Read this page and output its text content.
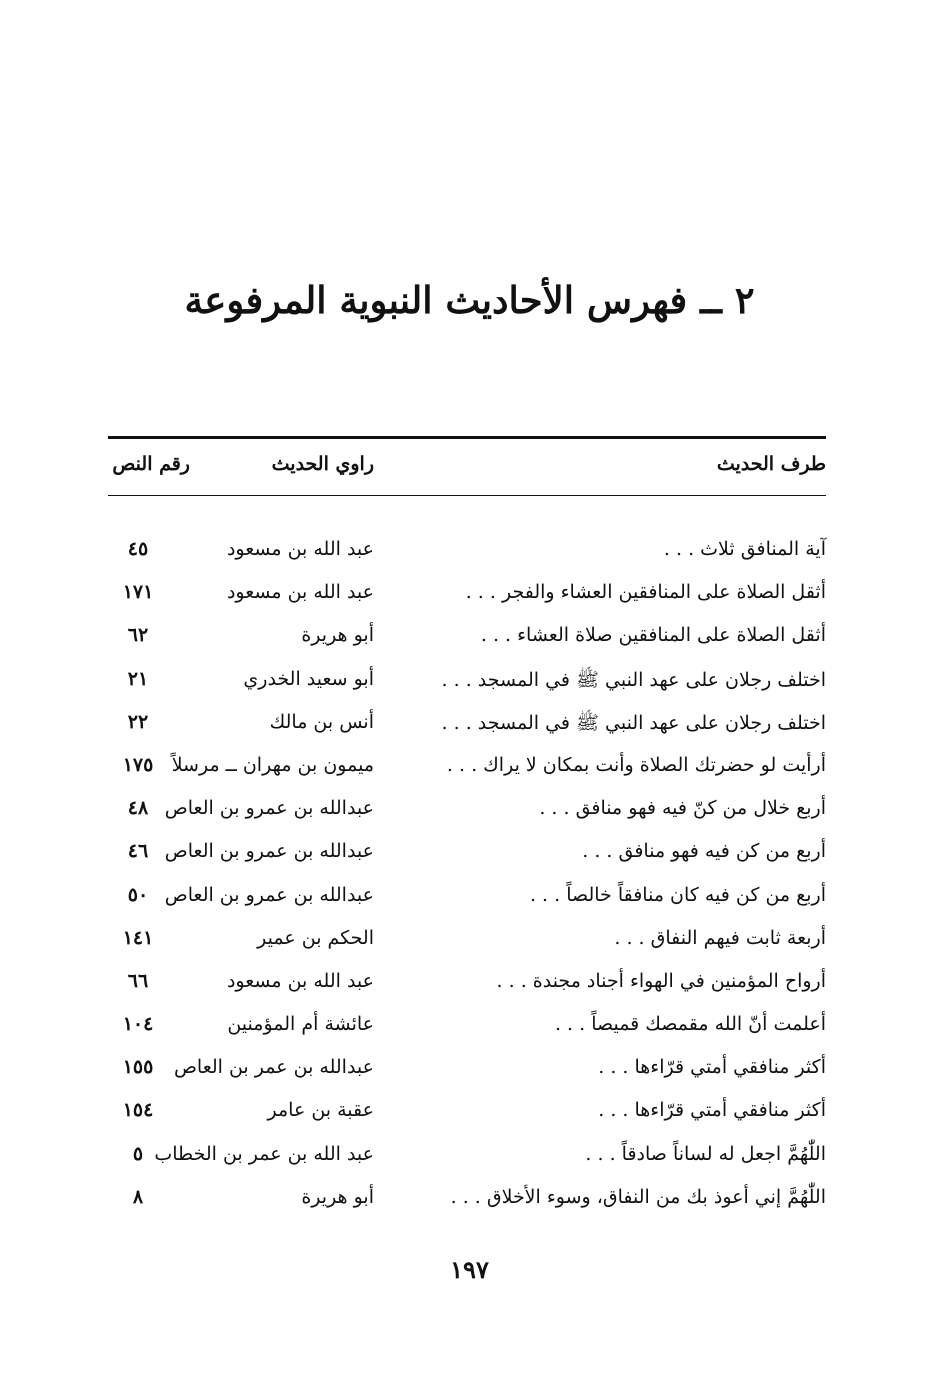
٢ ــ فهرس الأحاديث النبوية المرفوعة
طرف الحديث
راوي الحديث
رقم النص
آية المنافق ثلاث . . .
عبد الله بن مسعود
٤٥
أثقل الصلاة على المنافقين العشاء والفجر . . .
عبد الله بن مسعود
١٧١
أثقل الصلاة على المنافقين صلاة العشاء . . .
أبو هريرة
٦٢
اختلف رجلان على عهد النبي ﷺ في المسجد . . .
أبو سعيد الخدري
٢١
اختلف رجلان على عهد النبي ﷺ في المسجد . . .
أنس بن مالك
٢٢
أرأيت لو حضرتك الصلاة وأنت بمكان لا يراك . . .
ميمون بن مهران ــ مرسلاً
١٧٥
أربع خلال من كنّ فيه فهو منافق . . .
عبدالله بن عمرو بن العاص
٤٨
أربع من كن فيه فهو منافق . . .
عبدالله بن عمرو بن العاص
٤٦
أربع من كن فيه كان منافقاً خالصاً . . .
عبدالله بن عمرو بن العاص
٥٠
أربعة ثابت فيهم النفاق . . .
الحكم بن عمير
١٤١
أرواح المؤمنين في الهواء أجناد مجندة . . .
عبد الله بن مسعود
٦٦
أعلمت أنّ الله مقمصك قميصاً . . .
عائشة أم المؤمنين
١٠٤
أكثر منافقي أمتي قرّاءها . . .
عبدالله بن عمر بن العاص
١٥٥
أكثر منافقي أمتي قرّاءها . . .
عقبة بن عامر
١٥٤
اللّٰهُمَّ اجعل له لساناً صادقاً . . .
عبد الله بن عمر بن الخطاب
٥
اللّٰهُمَّ إني أعوذ بك من النفاق، وسوء الأخلاق . . .
أبو هريرة
٨
١٩٧
